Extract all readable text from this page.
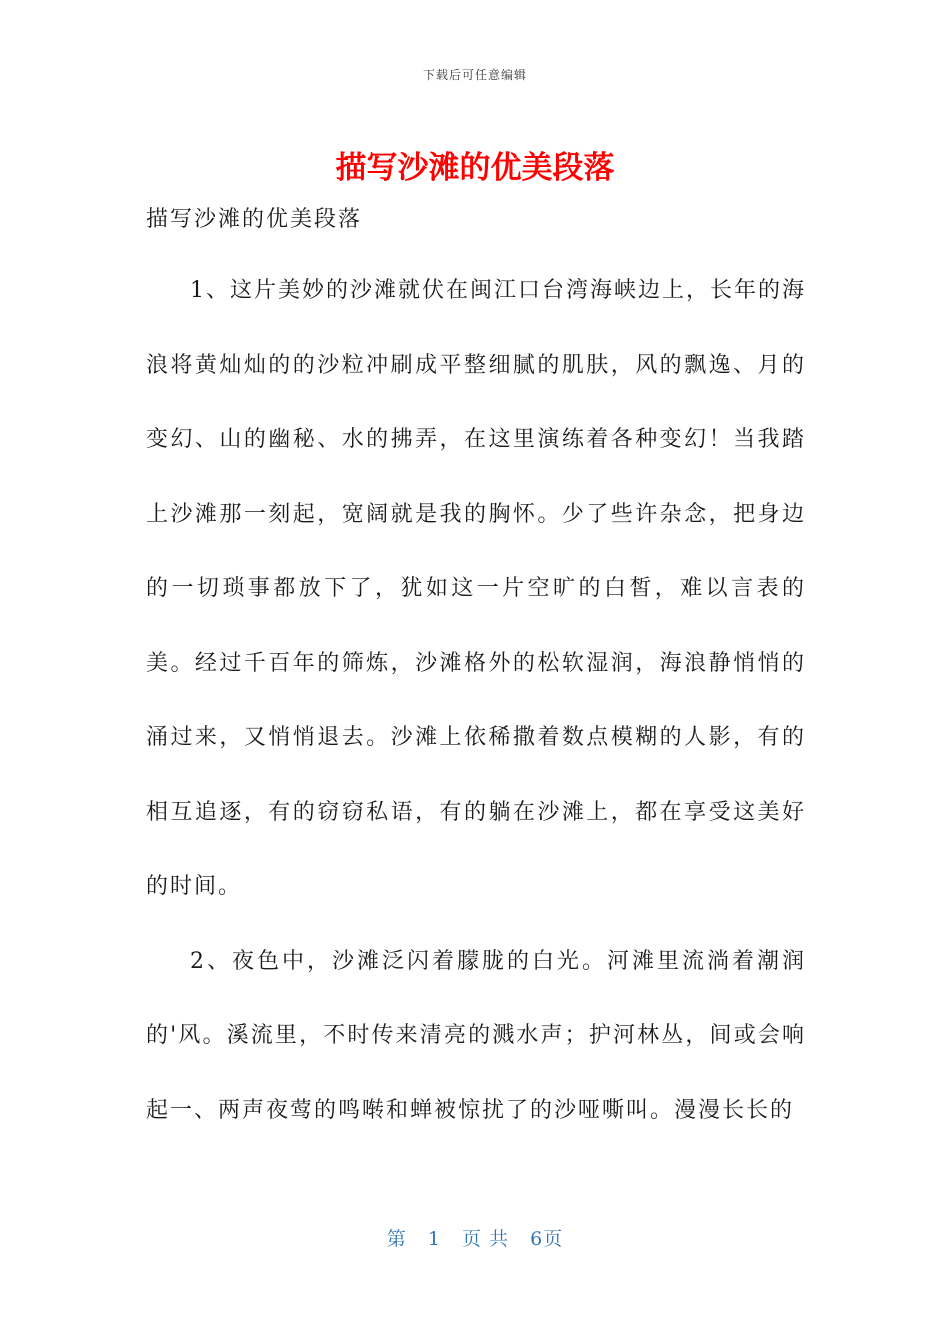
下载后可任意编辑
描写沙滩的优美段落
描写沙滩的优美段落

1、这片美妙的沙滩就伏在闽江口台湾海峡边上，长年的海浪将黄灿灿的的沙粒冲刷成平整细腻的肌肤，风的飘逸、月的变幻、山的幽秘、水的拂弄，在这里演练着各种变幻！当我踏上沙滩那一刻起，宽阔就是我的胸怀。少了些许杂念，把身边的一切琐事都放下了，犹如这一片空旷的白皙，难以言表的美。经过千百年的筛炼，沙滩格外的松软湿润，海浪静悄悄的涌过来，又悄悄退去。沙滩上依稀撒着数点模糊的人影，有的相互追逐，有的窃窃私语，有的躺在沙滩上，都在享受这美好的时间。

2、夜色中，沙滩泛闪着朦胧的白光。河滩里流淌着潮润的'风。溪流里，不时传来清亮的溅水声；护河林丛，间或会响起一、两声夜莺的鸣啭和蝉被惊扰了的沙哑嘶叫。漫漫长长的

第 1 页 共 6页
